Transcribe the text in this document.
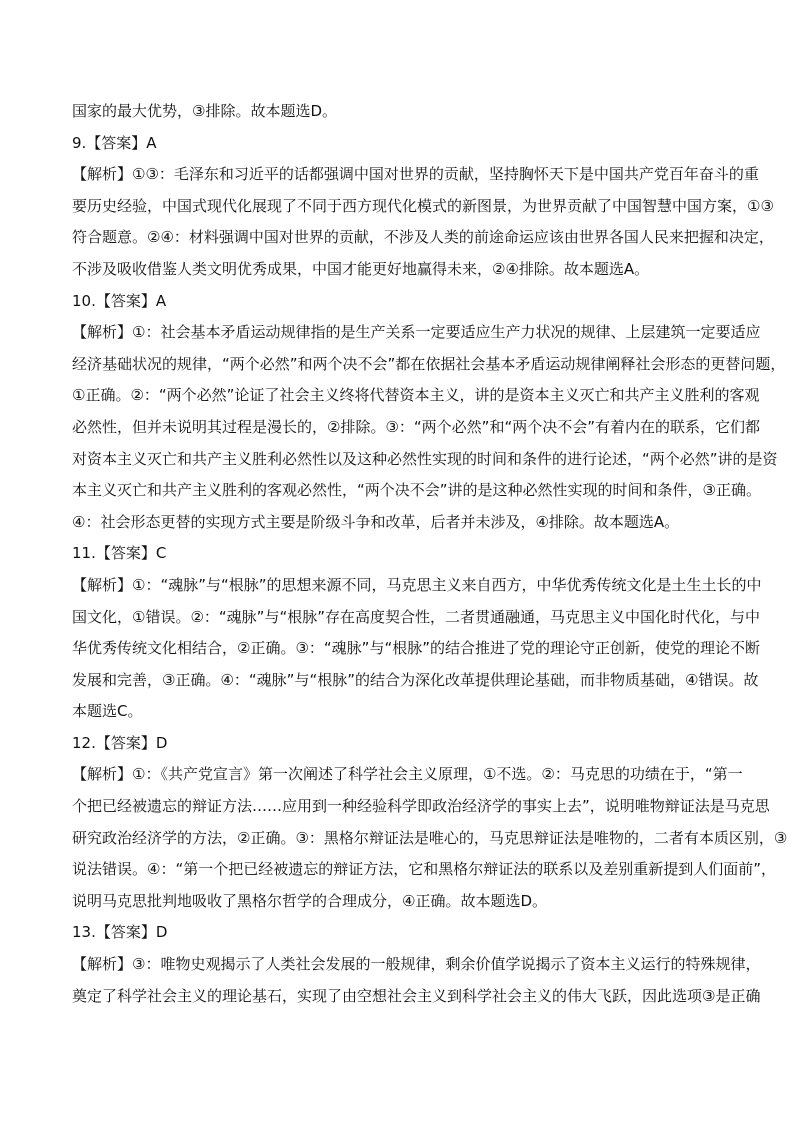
国家的最大优势，③排除。故本题选D。
9.【答案】A
【解析】①③：毛泽东和习近平的话都强调中国对世界的贡献，坚持胸怀天下是中国共产党百年奋斗的重
要历史经验，中国式现代化展现了不同于西方现代化模式的新图景，为世界贡献了中国智慧中国方案，①③
符合题意。②④：材料强调中国对世界的贡献，不涉及人类的前途命运应该由世界各国人民来把握和决定，
不涉及吸收借鉴人类文明优秀成果，中国才能更好地赢得未来，②④排除。故本题选A。
10.【答案】A
【解析】①：社会基本矛盾运动规律指的是生产关系一定要适应生产力状况的规律、上层建筑一定要适应
经济基础状况的规律，“两个必然”和两个决不会”都在依据社会基本矛盾运动规律阐释社会形态的更替问题，
①正确。②：“两个必然”论证了社会主义终将代替资本主义，讲的是资本主义灭亡和共产主义胜利的客观
必然性，但并未说明其过程是漫长的，②排除。③：“两个必然”和“两个决不会”有着内在的联系，它们都
对资本主义灭亡和共产主义胜利必然性以及这种必然性实现的时间和条件的进行论述，“两个必然”讲的是资
本主义灭亡和共产主义胜利的客观必然性，“两个决不会”讲的是这种必然性实现的时间和条件，③正确。
④：社会形态更替的实现方式主要是阶级斗争和改革，后者并未涉及，④排除。故本题选A。
11.【答案】C
【解析】①：“魂脉”与“根脉”的思想来源不同，马克思主义来自西方，中华优秀传统文化是土生土长的中
国文化，①错误。②：“魂脉”与“根脉”存在高度契合性，二者贯通融通，马克思主义中国化时代化，与中
华优秀传统文化相结合，②正确。③：“魂脉”与“根脉”的结合推进了党的理论守正创新，使党的理论不断
发展和完善，③正确。④：“魂脉”与“根脉”的结合为深化改革提供理论基础，而非物质基础，④错误。故
本题选C。
12.【答案】D
【解析】①：《共产党宣言》第一次阐述了科学社会主义原理，①不选。②：马克思的功绩在于，“第一
个把已经被遗忘的辩证方法……应用到一种经验科学即政治经济学的事实上去”，说明唯物辩证法是马克思
研究政治经济学的方法，②正确。③：黑格尔辩证法是唯心的，马克思辩证法是唯物的，二者有本质区别，③
说法错误。④：“第一个把已经被遗忘的辩证方法，它和黑格尔辩证法的联系以及差别重新提到人们面前”，
说明马克思批判地吸收了黑格尔哲学的合理成分，④正确。故本题选D。
13.【答案】D
【解析】③：唯物史观揭示了人类社会发展的一般规律，剩余价值学说揭示了资本主义运行的特殊规律，
奠定了科学社会主义的理论基石，实现了由空想社会主义到科学社会主义的伟大飞跃，因此选项③是正确
